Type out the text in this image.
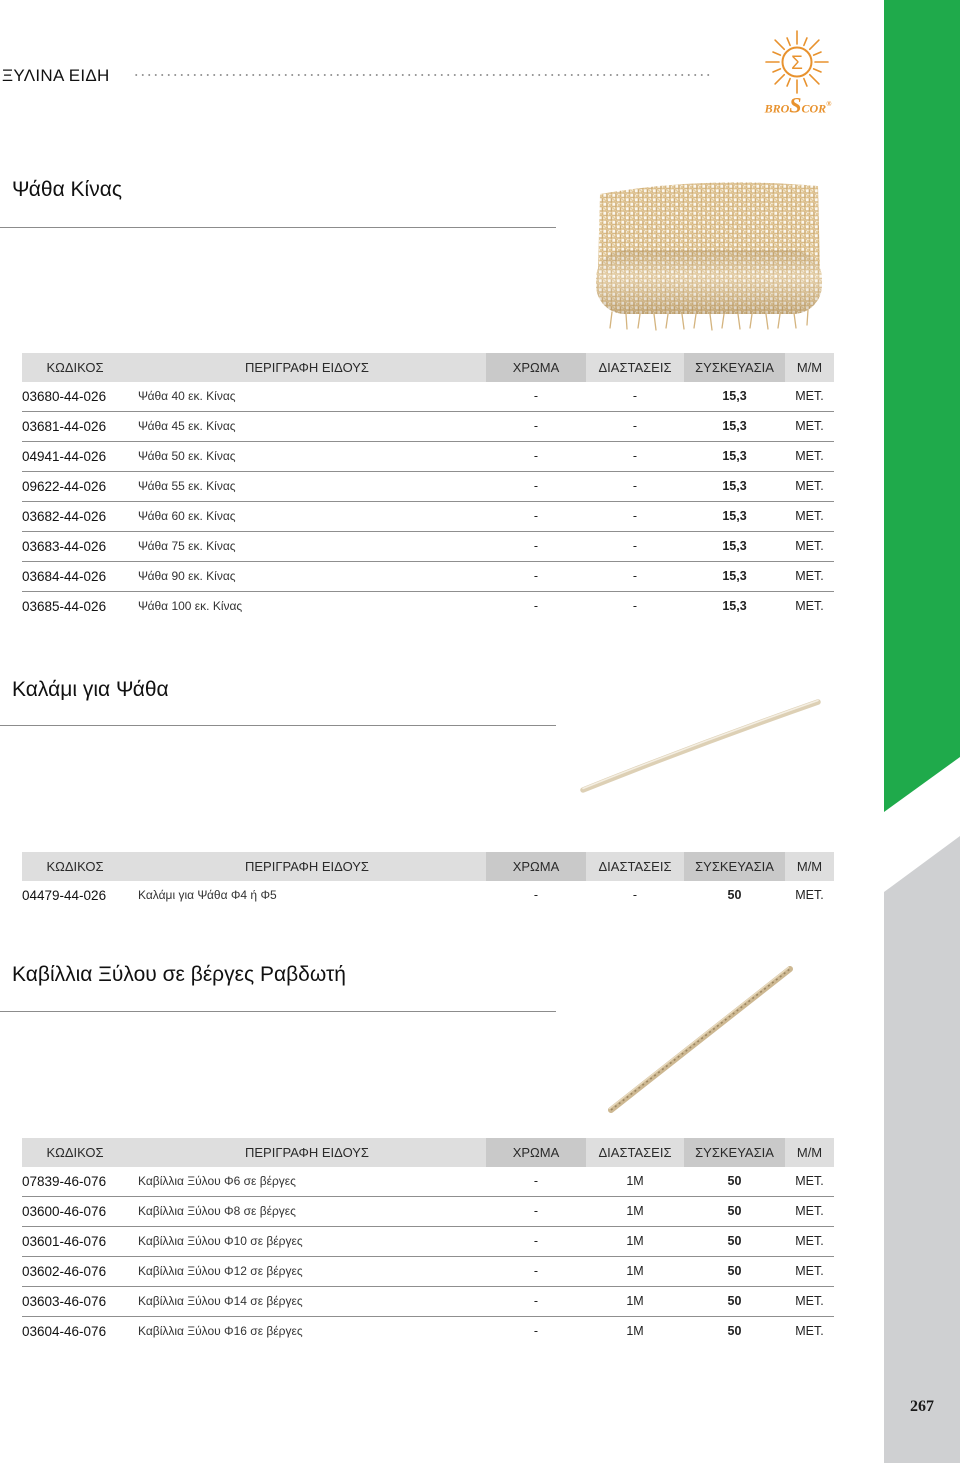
ΞΥΛΙΝΑ ΕΙΔΗ
Σ
BROSCOR®
267
Ψάθα Κίνας
ΚΩΔΙΚΟΣ	ΠΕΡΙΓΡΑΦΗ ΕΙΔΟΥΣ	ΧΡΩΜΑ	ΔΙΑΣΤΑΣΕΙΣ	ΣΥΣΚΕΥΑΣΙΑ	Μ/Μ
03680-44-026	Ψάθα 40 εκ. Κίνας	-	-	15,3	ΜΕΤ.
03681-44-026	Ψάθα 45 εκ. Κίνας	-	-	15,3	ΜΕΤ.
04941-44-026	Ψάθα 50 εκ. Κίνας	-	-	15,3	ΜΕΤ.
09622-44-026	Ψάθα 55 εκ. Κίνας	-	-	15,3	ΜΕΤ.
03682-44-026	Ψάθα 60 εκ. Κίνας	-	-	15,3	ΜΕΤ.
03683-44-026	Ψάθα 75 εκ. Κίνας	-	-	15,3	ΜΕΤ.
03684-44-026	Ψάθα 90 εκ. Κίνας	-	-	15,3	ΜΕΤ.
03685-44-026	Ψάθα 100 εκ. Κίνας	-	-	15,3	ΜΕΤ.
Καλάμι για Ψάθα
ΚΩΔΙΚΟΣ	ΠΕΡΙΓΡΑΦΗ ΕΙΔΟΥΣ	ΧΡΩΜΑ	ΔΙΑΣΤΑΣΕΙΣ	ΣΥΣΚΕΥΑΣΙΑ	Μ/Μ
04479-44-026	Καλάμι για Ψάθα Φ4 ή Φ5	-	-	50	ΜΕΤ.
Καβίλλια Ξύλου σε βέργες Ραβδωτή
ΚΩΔΙΚΟΣ	ΠΕΡΙΓΡΑΦΗ ΕΙΔΟΥΣ	ΧΡΩΜΑ	ΔΙΑΣΤΑΣΕΙΣ	ΣΥΣΚΕΥΑΣΙΑ	Μ/Μ
07839-46-076	Καβίλλια Ξύλου Φ6 σε βέργες	-	1M	50	ΜΕΤ.
03600-46-076	Καβίλλια Ξύλου Φ8 σε βέργες	-	1M	50	ΜΕΤ.
03601-46-076	Καβίλλια Ξύλου Φ10 σε βέργες	-	1M	50	ΜΕΤ.
03602-46-076	Καβίλλια Ξύλου Φ12 σε βέργες	-	1M	50	ΜΕΤ.
03603-46-076	Καβίλλια Ξύλου Φ14 σε βέργες	-	1M	50	ΜΕΤ.
03604-46-076	Καβίλλια Ξύλου Φ16 σε βέργες	-	1M	50	ΜΕΤ.
